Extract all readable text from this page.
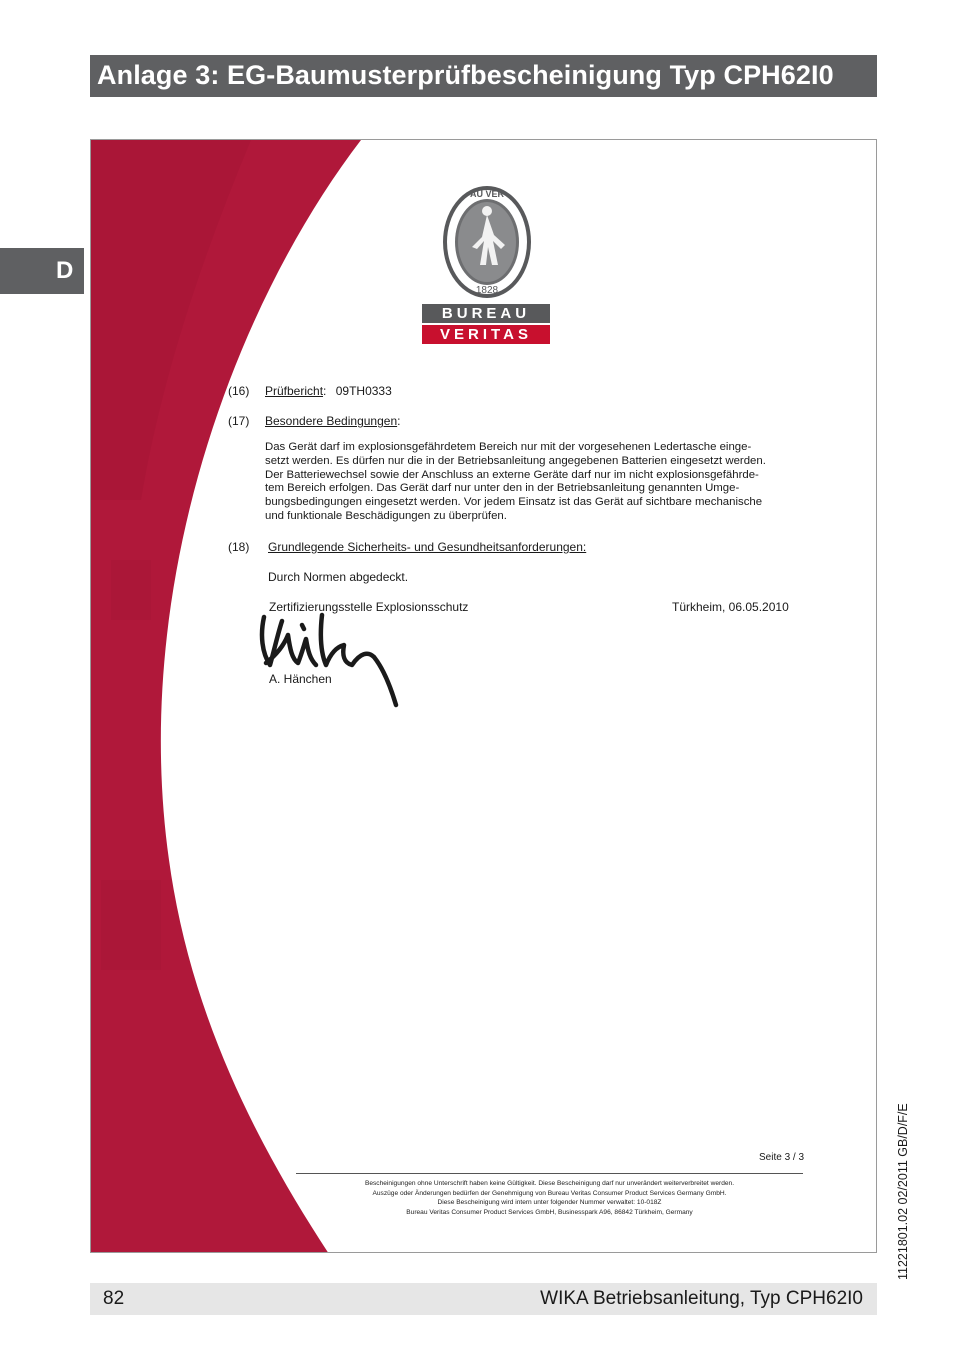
Anlage 3: EG-Baumusterprüfbescheinigung Typ CPH62I0
D
AU VER
1828
BUREAU
VERITAS
(16) Prüfbericht: 09TH0333
(17) Besondere Bedingungen:
Das Gerät darf im explosionsgefährdetem Bereich nur mit der vorgesehenen Ledertasche einge-
setzt werden. Es dürfen nur die in der Betriebsanleitung angegebenen Batterien eingesetzt werden.
Der Batteriewechsel sowie der Anschluss an externe Geräte darf nur im nicht explosionsgefährde-
tem Bereich erfolgen. Das Gerät darf nur unter den in der Betriebsanleitung genannten Umge-
bungsbedingungen eingesetzt werden. Vor jedem Einsatz ist das Gerät auf sichtbare mechanische
und funktionale Beschädigungen zu überprüfen.
(18) Grundlegende Sicherheits- und Gesundheitsanforderungen:
Durch Normen abgedeckt.
Zertifizierungsstelle Explosionsschutz	Türkheim, 06.05.2010
A. Hänchen
Seite 3 / 3
Bescheinigungen ohne Unterschrift haben keine Gültigkeit. Diese Bescheinigung darf nur unverändert weiterverbreitet werden.
Auszüge oder Änderungen bedürfen der Genehmigung von Bureau Veritas Consumer Product Services Germany GmbH.
Diese Bescheinigung wird intern unter folgender Nummer verwaltet: 10-018Z
Bureau Veritas Consumer Product Services GmbH, Businesspark A96, 86842 Türkheim, Germany
82	WIKA Betriebsanleitung, Typ CPH62I0
11221801.02 02/2011 GB/D/F/E
